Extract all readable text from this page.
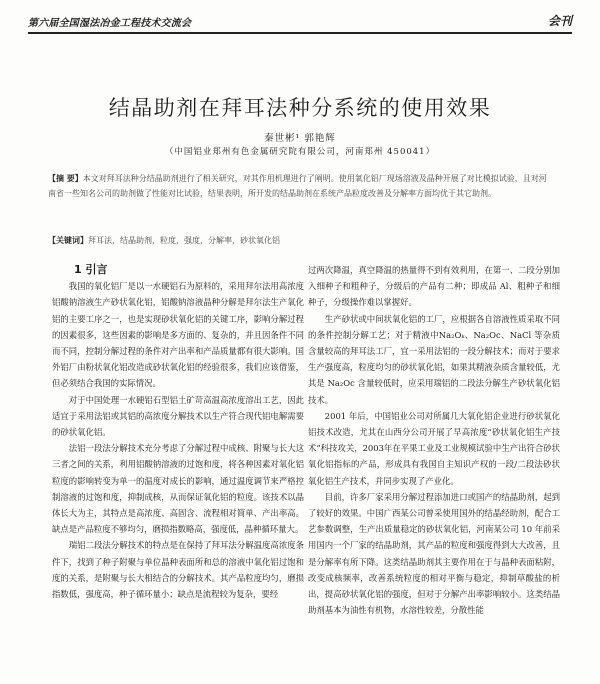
第六届全国湿法冶金工程技术交流会	会刊
结晶助剂在拜耳法种分系统的使用效果
秦世彬¹ 郭艳辉
（中国铝业郑州有色金属研究院有限公司，河南郑州 450041）
【摘 要】本文对拜耳法种分结晶助剂进行了相关研究，对其作用机理进行了阐明。使用氧化铝厂现场溶液及晶种开展了对比模拟试验，且对河南省一些知名公司的助剂做了性能对比试验，结果表明，所开发的结晶助剂在系统产品粒度改善及分解率方面均优于其它助剂。
【关键词】拜耳法，结晶助剂，粒度，强度，分解率，砂状氧化铝

1 引言

我国的氧化铝厂是以一水硬铝石为原料的，采用拜尔法用高浓度铝酸钠溶液生产砂状氧化铝，铝酸钠溶液晶种分解是拜尔法生产氧化铝的主要工序之一，也是实现砂状氧化铝的关键工序，影响分解过程的因素很多，这些因素的影响是多方面的、复杂的，并且因条件不同而不同，控制分解过程的条件对产出率和产品质量都有很大影响。国外铝厂由粉状氧化铝改造成砂状氧化铝的经验很多，我们应该借鉴，但必须结合我国的实际情况。

对于中国处理一水硬铝石型铝土矿苛高温高浓度溶出工艺，因此适宜于采用法铝或其铝的高浓度分解技术以生产符合现代铝电解需要的砂状氧化铝。

法铝一段法分解技术充分考虑了分解过程中成核、附聚与长大这三者之间的关系，利用铝酸钠溶液的过饱和度，将各种因素对氧化铝粒度的影响转变为单一的温度对成长的影响，通过温度调节来严格控制溶液的过饱和度，抑制成核，从而保证氧化铝的粒度。该技术以晶体长大为主，其特点是高浓度、高固含、流程相对简单、产出率高。缺点是产品粒度不够均匀，磨损指数略高，强度低，晶种循环量大。

瑞铝二段法分解技术的特点是在保持了拜耳法分解温度高浓度条件下，找到了种子附聚与单位晶种表面所和总的溶液中氧化铝过饱和度的关系，是附聚与长大相结合的分解技术。其产品粒度均匀，磨损指数低，强度高，种子循环量小；缺点是流程较为复杂，要经

过两次降温，真空降温的热量得不到有效利用，在第一、二段分别加入细种子和粗种子，分级后的产品有二种；即成品 Al、粗种子和细种子，分级操作难以掌握好。

生产砂状或中间状氧化铝的工厂，应根据各自溶液性质采取不同的条件控制分解工艺；对于精液中Na₂Oₖ、Na₂Oc、NaCl 等杂质含量较高的拜耳法工厂，宜一采用法铝的一段分解技术；而对于要求生产强度高，粒度均匀的砂状氧化铝，如果其精液杂质含量较低，尤其是 Na₂Oc 含量较低时，应采用瑞铝的二段法分解生产砂状氧化铝技术。

2001 年后，中国铝业公司对所属几大氧化铝企业进行砂状氧化铝技术改造，尤其在山西分公司开展了早高浓度“砂状氧化铝生产技术”科技攻关，2003年在平果工业及工业规模试验中生产出符合砂状氧化铝指标的产品，形成具有我国自主知识产权的一段/二段法砂状氧化铝生产技术，并同步实现了产业化。

目前，许多厂家采用分解过程添加进口或国产的结晶助剂，起到了较好的效果。中国广西某公司曾采使用国外的结晶经助剂，配合工艺参数调整，生产出质量稳定的砂状氧化铝，河南某公司 10 年前采用国内一个厂家的结晶助剂，其产品的粒度和强度得到大大改善，且是分解率有所下降。这类结晶助剂其主要作用在于与晶种表面粘附，改变成核频率，改善系统粒度的相对平衡与稳定，抑制草酸盐的析出，提高砂状氧化铝的强度，但对于分解产出率影响较小。这类结晶助剂基本为油性有机物，水溶性较差，分散性能
